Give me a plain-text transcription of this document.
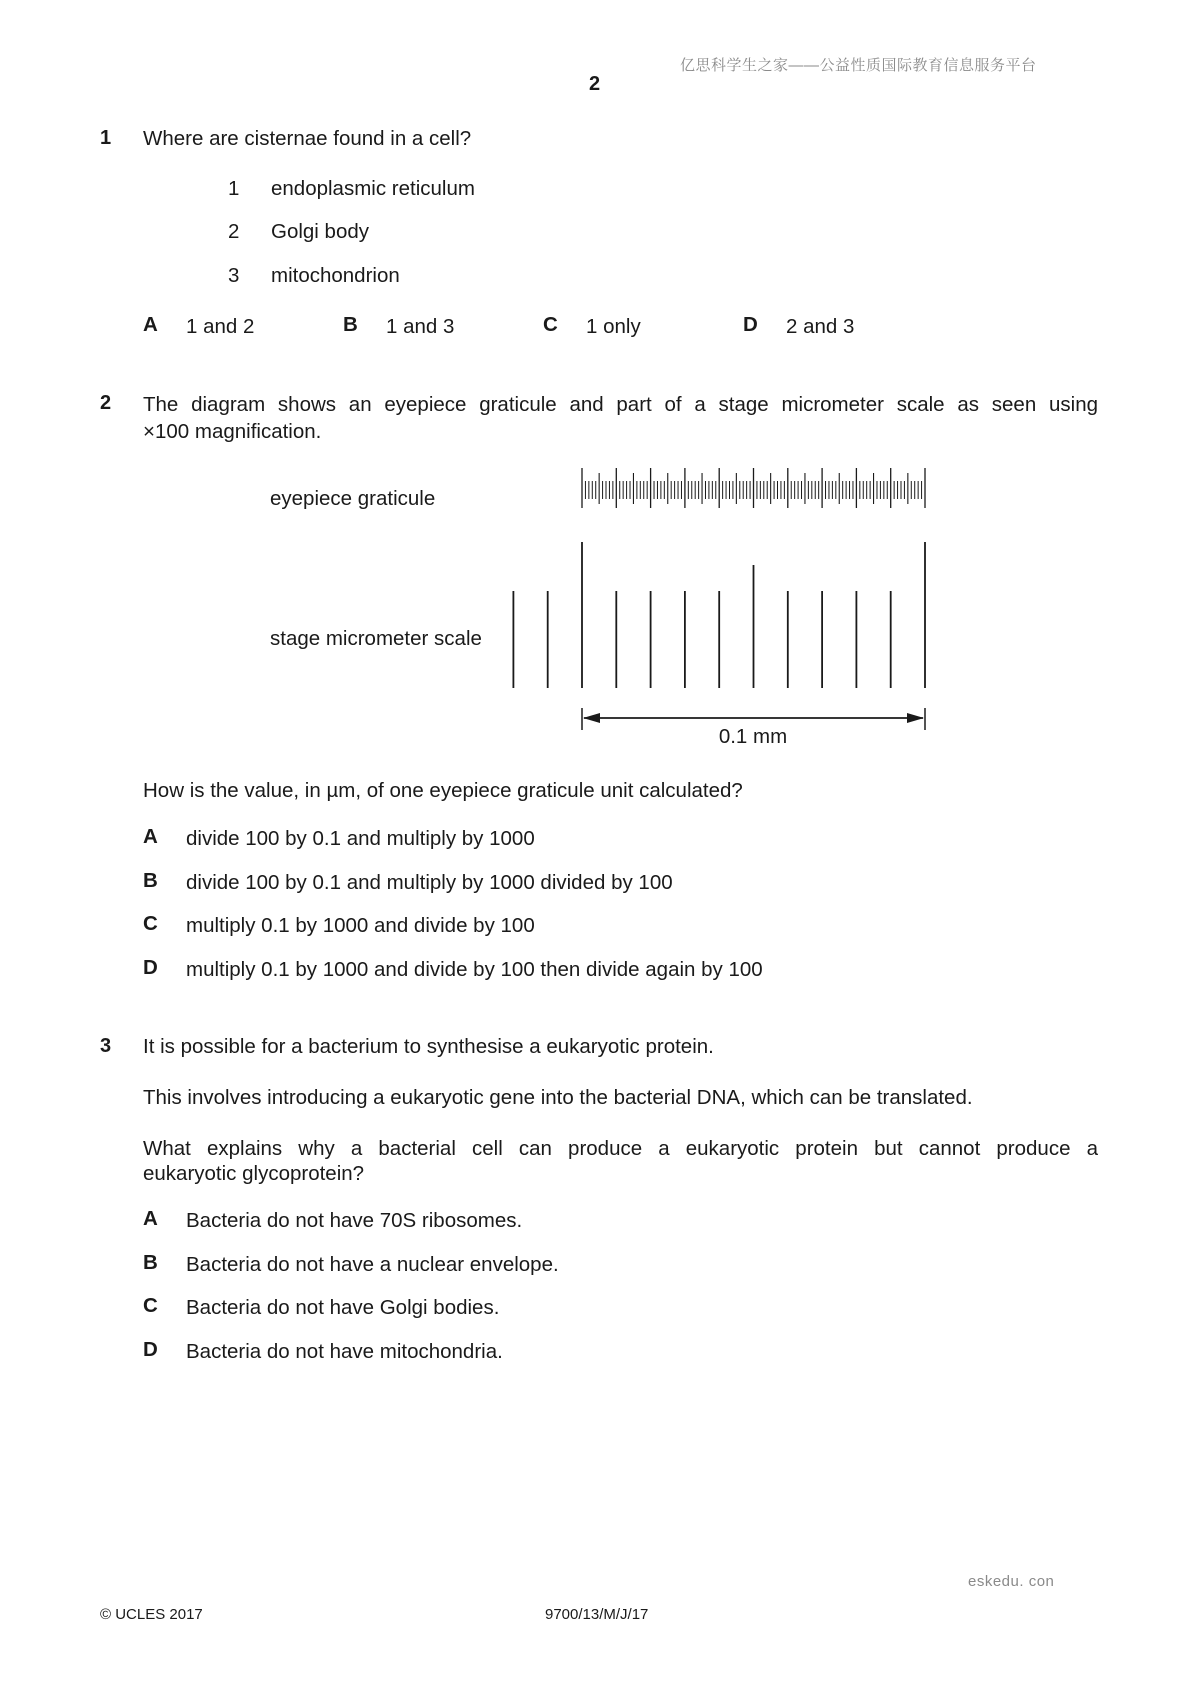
亿思科学生之家——公益性质国际教育信息服务平台
2
1 Where are cisternae found in a cell?
1 endoplasmic reticulum
2 Golgi body
3 mitochondrion
A 1 and 2	B 1 and 3	C 1 only	D 2 and 3
2 The diagram shows an eyepiece graticule and part of a stage micrometer scale as seen using
×100 magnification.
eyepiece graticule
stage micrometer scale
0.1 mm
How is the value, in µm, of one eyepiece graticule unit calculated?
A divide 100 by 0.1 and multiply by 1000
B divide 100 by 0.1 and multiply by 1000 divided by 100
C multiply 0.1 by 1000 and divide by 100
D multiply 0.1 by 1000 and divide by 100 then divide again by 100
3 It is possible for a bacterium to synthesise a eukaryotic protein.
This involves introducing a eukaryotic gene into the bacterial DNA, which can be translated.
What explains why a bacterial cell can produce a eukaryotic protein but cannot produce a
eukaryotic glycoprotein?
A Bacteria do not have 70S ribosomes.
B Bacteria do not have a nuclear envelope.
C Bacteria do not have Golgi bodies.
D Bacteria do not have mitochondria.
eskedu. con
© UCLES 2017	9700/13/M/J/17
